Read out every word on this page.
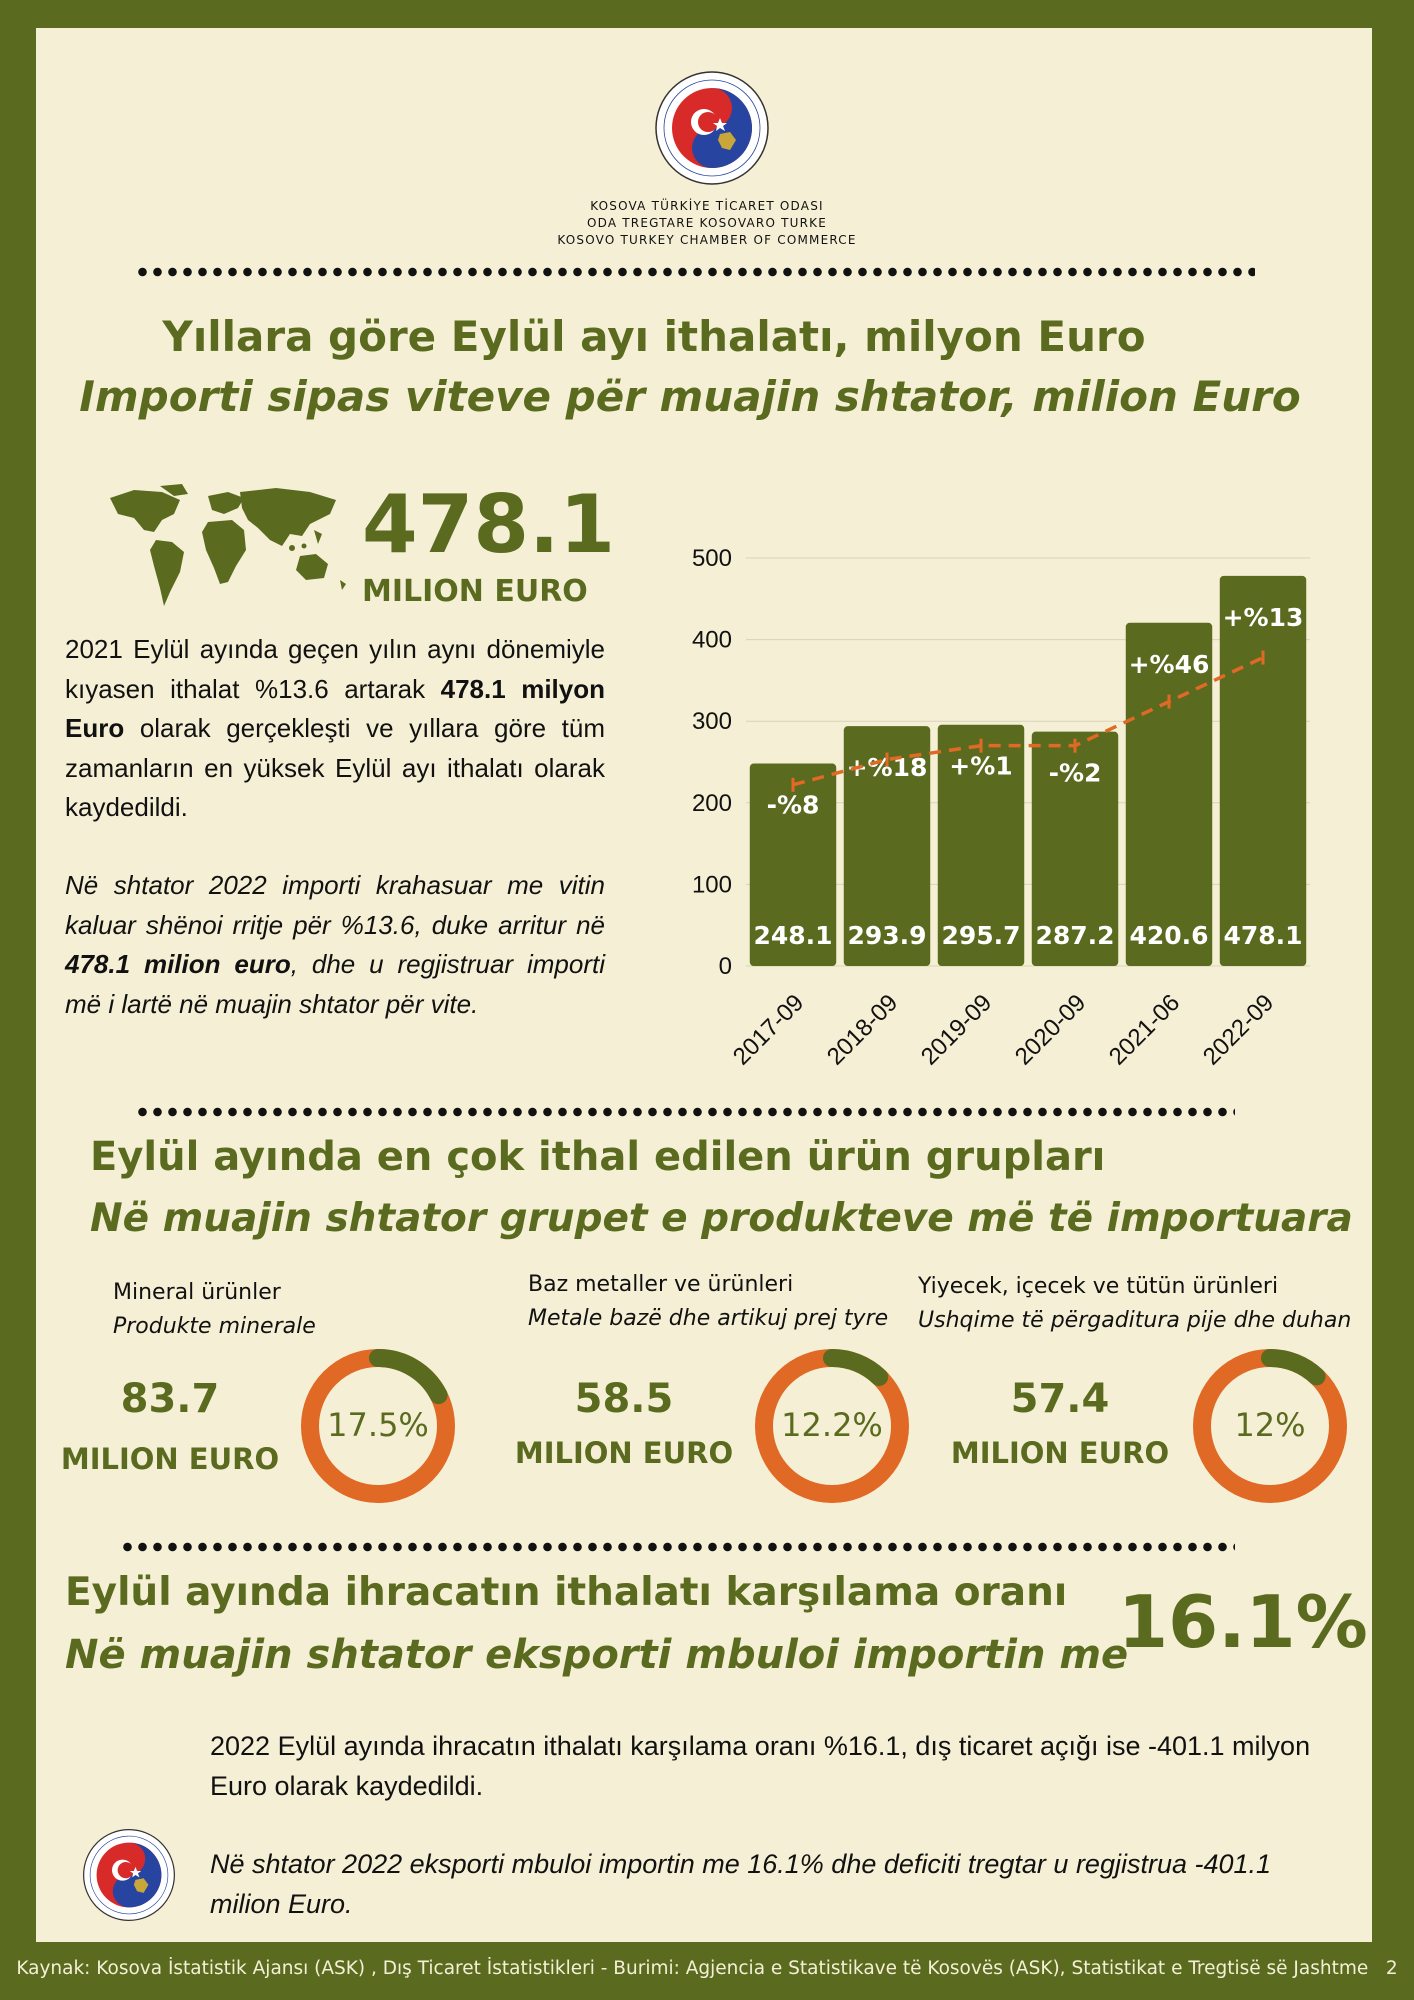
KOSOVA TÜRKİYE TİCARET ODASI
ODA TREGTARE KOSOVARO TURKE
KOSOVO TURKEY CHAMBER OF COMMERCE
Yıllara göre Eylül ayı ithalatı, milyon Euro
Importi sipas viteve për muajin shtator, milion Euro
478.1
MILION EURO
2021 Eylül ayında geçen yılın aynı dönemiyle kıyasen ithalat %13.6 artarak 478.1 milyon Euro olarak gerçekleşti ve yıllara göre tüm zamanların en yüksek Eylül ayı ithalatı olarak kaydedildi.
Në shtator 2022 importi krahasuar me vitin kaluar shënoi rritje për %13.6, duke arritur në 478.1 milion euro, dhe u regjistruar importi më i lartë në muajin shtator për vite.
0
100
200
300
400
500
248.1
-%8
2017-09
293.9
+%18
2018-09
295.7
+%1
2019-09
287.2
-%2
2020-09
420.6
+%46
2021-06
478.1
+%13
2022-09
Eylül ayında en çok ithal edilen ürün grupları
Në muajin shtator grupet e produkteve më të importuara
Mineral ürünler
Produkte minerale
83.7
MILION EURO
17.5%
Baz metaller ve ürünleri
Metale bazë dhe artikuj prej tyre
58.5
MILION EURO
12.2%
Yiyecek, içecek ve tütün ürünleri
Ushqime të përgaditura pije dhe duhan
57.4
MILION EURO
12%
Eylül ayında ihracatın ithalatı karşılama oranı
Në muajin shtator eksporti mbuloi importin me
16.1%
2022 Eylül ayında ihracatın ithalatı karşılama oranı %16.1, dış ticaret açığı ise -401.1 milyon Euro olarak kaydedildi.
Në shtator 2022 eksporti mbuloi importin me 16.1% dhe deficiti tregtar u regjistrua -401.1 milion Euro.
Kaynak: Kosova İstatistik Ajansı (ASK) , Dış Ticaret İstatistikleri - Burimi: Agjencia e Statistikave të Kosovës (ASK), Statistikat e Tregtisë së Jashtme 2
